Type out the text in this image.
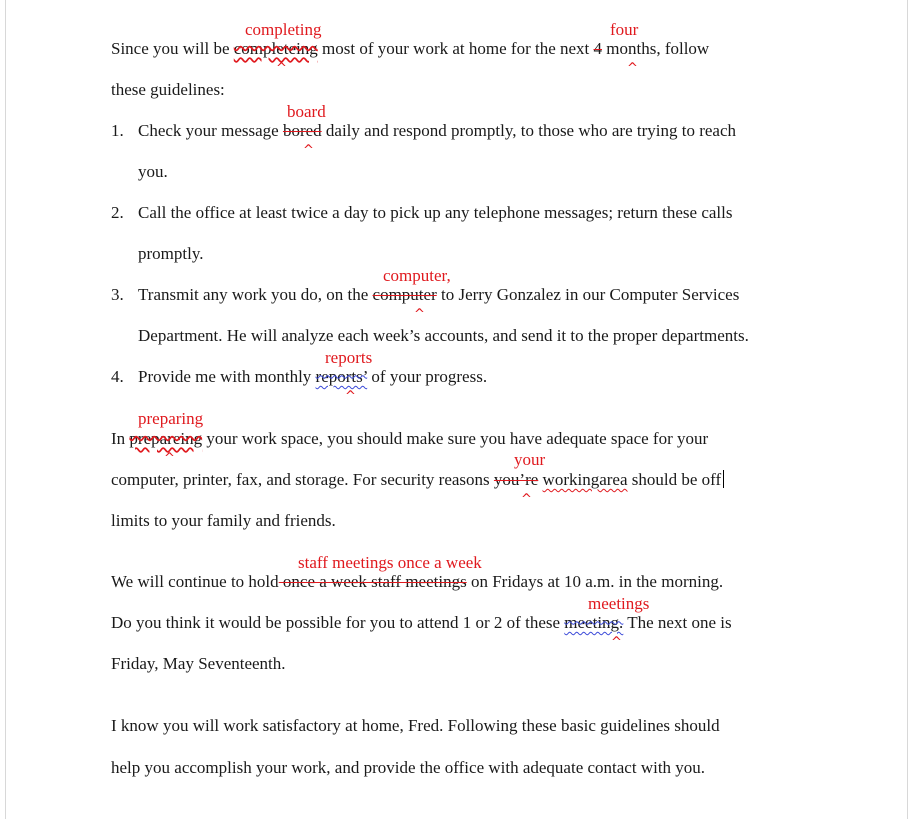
completing	four
Since you will be completeing most of your work at home for the next 4 months, follow
^	^
these guidelines:
board
1. Check your message bored daily and respond promptly, to those who are trying to reach
^
you.
2. Call the office at least twice a day to pick up any telephone messages; return these calls
promptly.
computer,
3. Transmit any work you do, on the computer to Jerry Gonzalez in our Computer Services
^
Department. He will analyze each week’s accounts, and send it to the proper departments.
reports
4. Provide me with monthly reports’ of your progress.
^
preparing
In prepareing your work space, you should make sure you have adequate space for your
^	your
computer, printer, fax, and storage. For security reasons you’re workingarea should be off
^
limits to your family and friends.
staff meetings once a week
We will continue to hold once a week staff meetings on Fridays at 10 a.m. in the morning.
meetings
Do you think it would be possible for you to attend 1 or 2 of these meeting. The next one is
^
Friday, May Seventeenth.
I know you will work satisfactory at home, Fred. Following these basic guidelines should
help you accomplish your work, and provide the office with adequate contact with you.
